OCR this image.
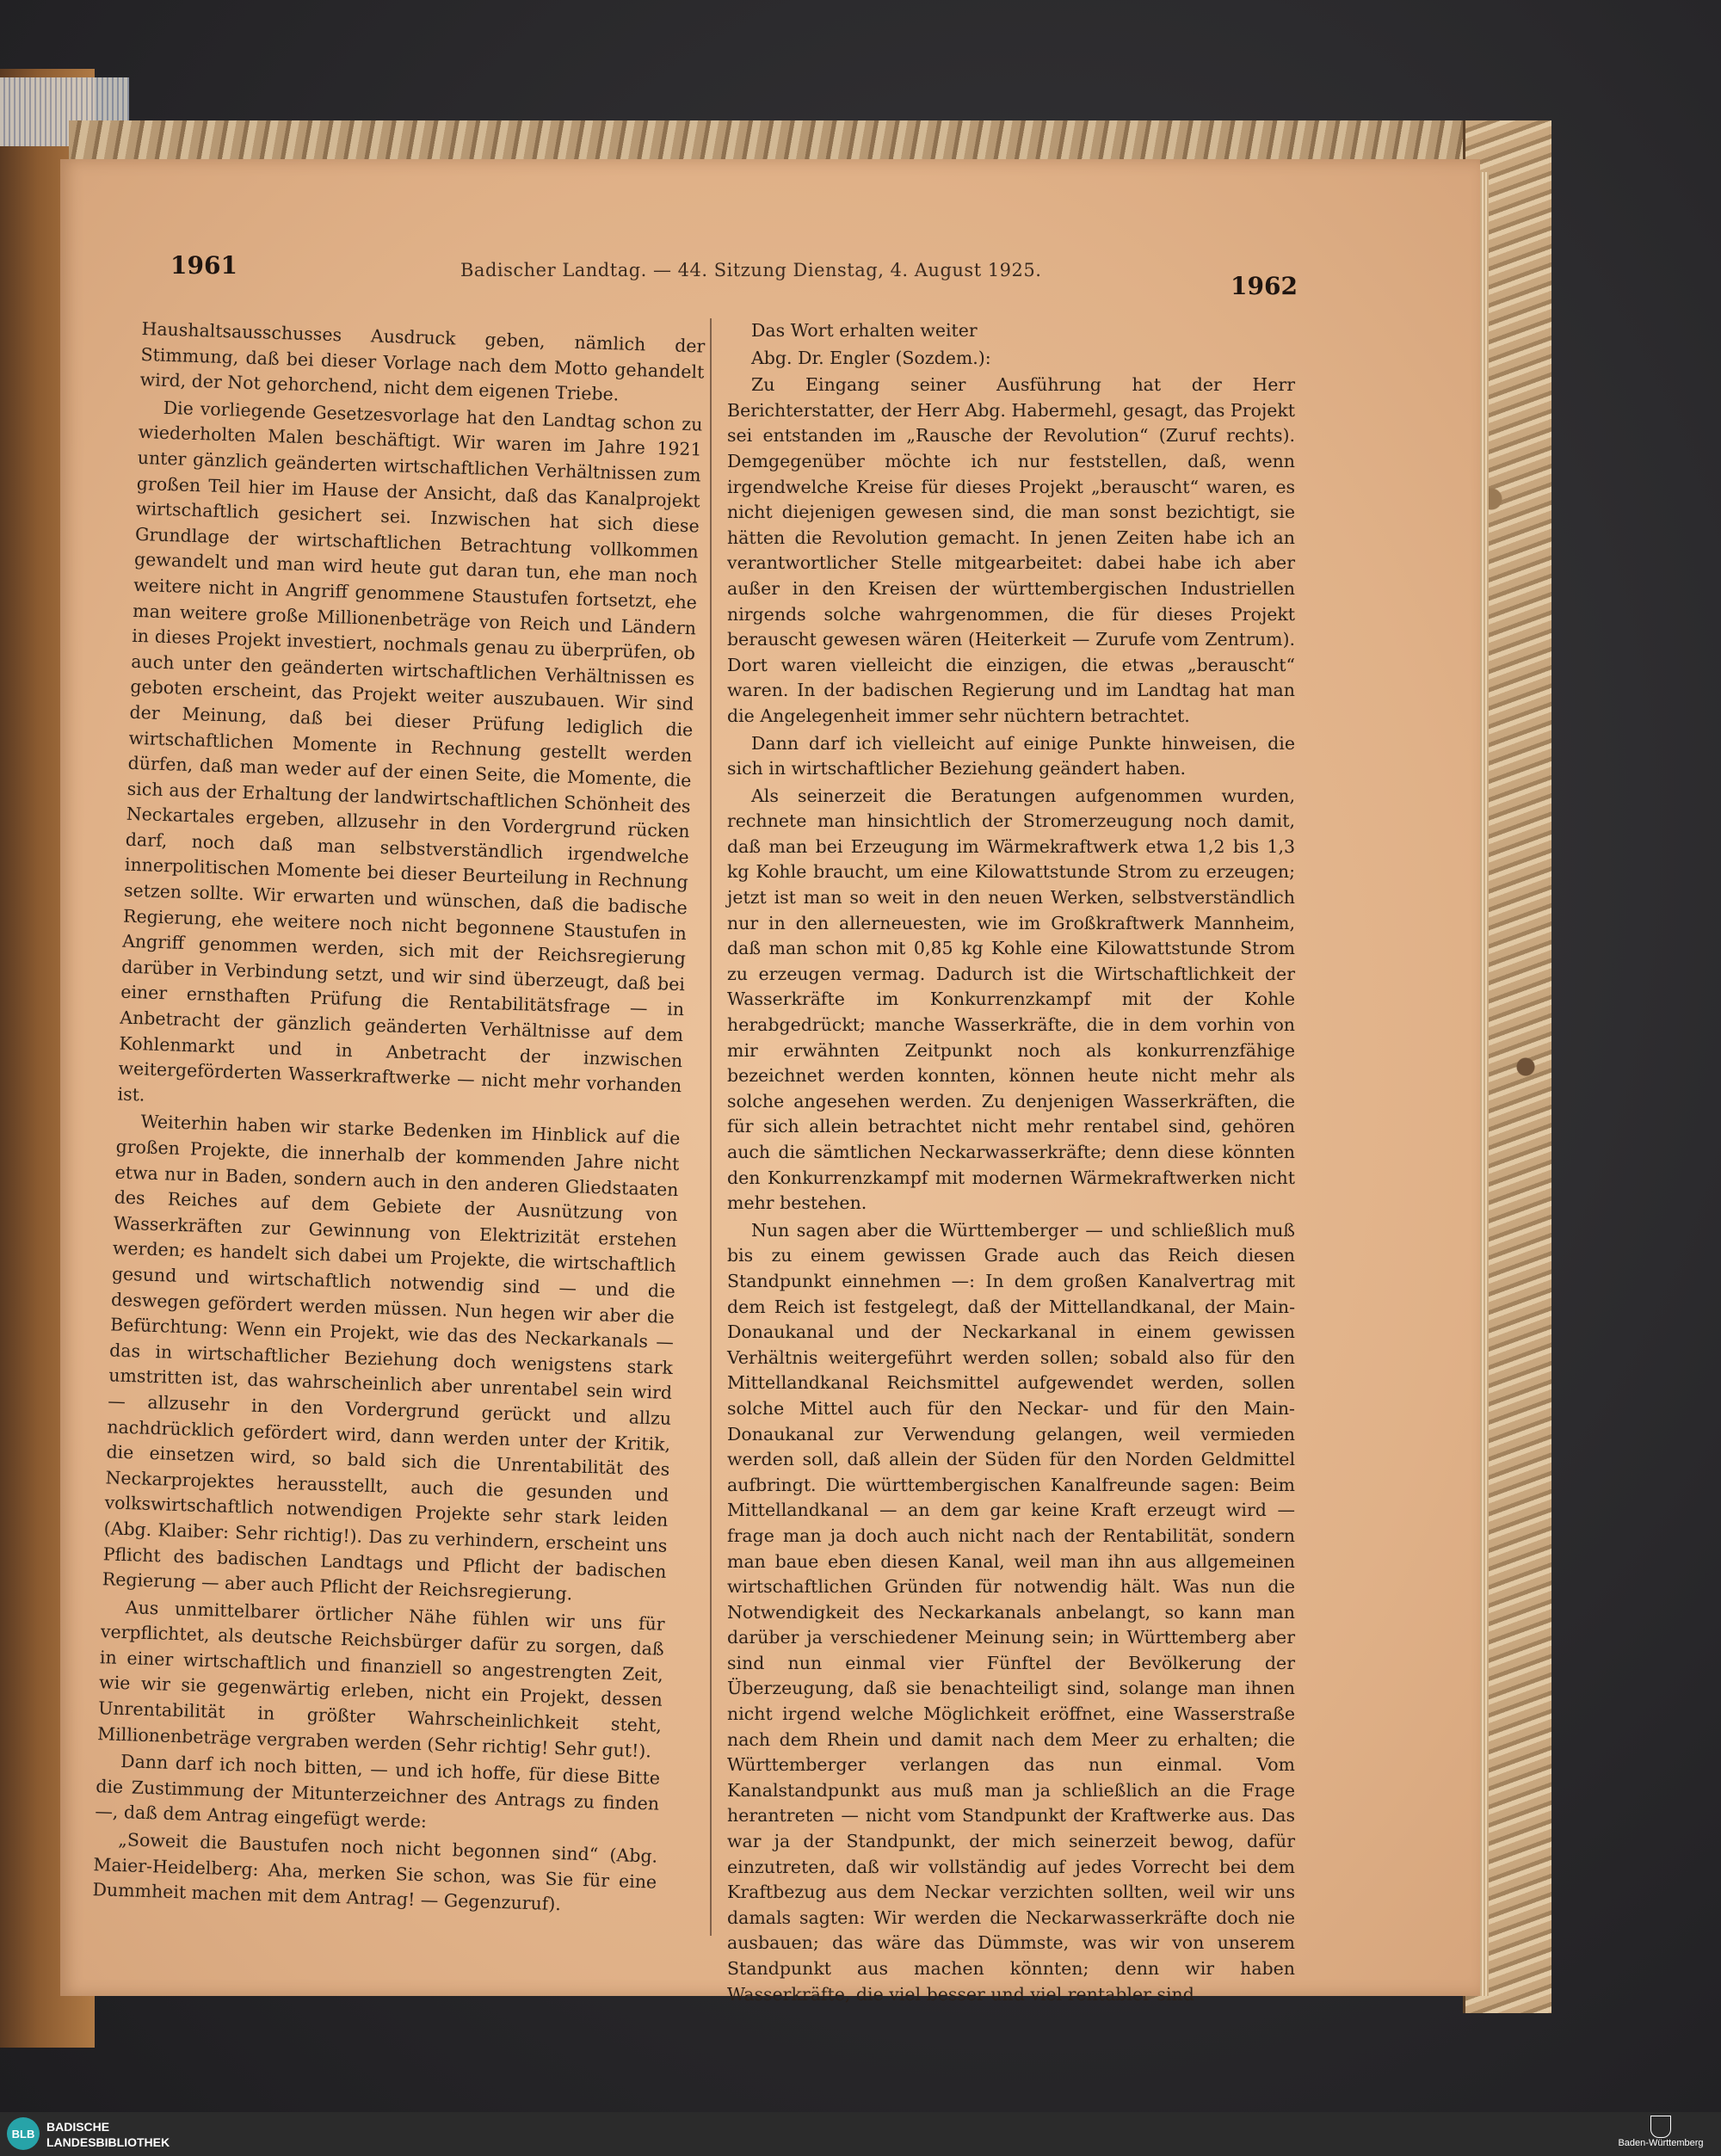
1961	Badischer Landtag. — 44. Sitzung Dienstag, 4. August 1925.
1962

Haushaltsausschusses Ausdruck geben, nämlich der Stimmung, daß bei dieser Vorlage nach dem Motto gehandelt wird, der Not gehorchend, nicht dem eigenen Triebe.

Die vorliegende Gesetzesvorlage hat den Landtag schon zu wiederholten Malen beschäftigt. Wir waren im Jahre 1921 unter gänzlich geänderten wirtschaftlichen Verhältnissen zum großen Teil hier im Hause der Ansicht, daß das Kanalprojekt wirtschaftlich gesichert sei. Inzwischen hat sich diese Grundlage der wirtschaftlichen Betrachtung vollkommen gewandelt und man wird heute gut daran tun, ehe man noch weitere nicht in Angriff genommene Staustufen fortsetzt, ehe man weitere große Millionenbeträge von Reich und Ländern in dieses Projekt investiert, nochmals genau zu überprüfen, ob auch unter den geänderten wirtschaftlichen Verhältnissen es geboten erscheint, das Projekt weiter auszubauen. Wir sind der Meinung, daß bei dieser Prüfung lediglich die wirtschaftlichen Momente in Rechnung gestellt werden dürfen, daß man weder auf der einen Seite, die Momente, die sich aus der Erhaltung der landwirtschaftlichen Schönheit des Neckartales ergeben, allzusehr in den Vordergrund rücken darf, noch daß man selbstverständlich irgendwelche innerpolitischen Momente bei dieser Beurteilung in Rechnung setzen sollte. Wir erwarten und wünschen, daß die badische Regierung, ehe weitere noch nicht begonnene Staustufen in Angriff genommen werden, sich mit der Reichsregierung darüber in Verbindung setzt, und wir sind überzeugt, daß bei einer ernsthaften Prüfung die Rentabilitätsfrage — in Anbetracht der gänzlich geänderten Verhältnisse auf dem Kohlenmarkt und in Anbetracht der inzwischen weitergeförderten Wasserkraftwerke — nicht mehr vorhanden ist.

Weiterhin haben wir starke Bedenken im Hinblick auf die großen Projekte, die innerhalb der kommenden Jahre nicht etwa nur in Baden, sondern auch in den anderen Gliedstaaten des Reiches auf dem Gebiete der Ausnützung von Wasserkräften zur Gewinnung von Elektrizität erstehen werden; es handelt sich dabei um Projekte, die wirtschaftlich gesund und wirtschaftlich notwendig sind — und die deswegen gefördert werden müssen. Nun hegen wir aber die Befürchtung: Wenn ein Projekt, wie das des Neckarkanals — das in wirtschaftlicher Beziehung doch wenigstens stark umstritten ist, das wahrscheinlich aber unrentabel sein wird — allzusehr in den Vordergrund gerückt und allzu nachdrücklich gefördert wird, dann werden unter der Kritik, die einsetzen wird, so bald sich die Unrentabilität des Neckarprojektes herausstellt, auch die gesunden und volkswirtschaftlich notwendigen Projekte sehr stark leiden (Abg. Klaiber: Sehr richtig!). Das zu verhindern, erscheint uns Pflicht des badischen Landtags und Pflicht der badischen Regierung — aber auch Pflicht der Reichsregierung.

Aus unmittelbarer örtlicher Nähe fühlen wir uns für verpflichtet, als deutsche Reichsbürger dafür zu sorgen, daß in einer wirtschaftlich und finanziell so angestrengten Zeit, wie wir sie gegenwärtig erleben, nicht ein Projekt, dessen Unrentabilität in größter Wahrscheinlichkeit steht, Millionenbeträge vergraben werden (Sehr richtig! Sehr gut!).

Dann darf ich noch bitten, — und ich hoffe, für diese Bitte die Zustimmung der Mitunterzeichner des Antrags zu finden —, daß dem Antrag eingefügt werde:

„Soweit die Baustufen noch nicht begonnen sind“ (Abg. Maier-Heidelberg: Aha, merken Sie schon, was Sie für eine Dummheit machen mit dem Antrag! — Gegenzuruf).

Das Wort erhalten weiter

Abg. Dr. Engler (Sozdem.):

Zu Eingang seiner Ausführung hat der Herr Berichterstatter, der Herr Abg. Habermehl, gesagt, das Projekt sei entstanden im „Rausche der Revolution“ (Zuruf rechts). Demgegenüber möchte ich nur feststellen, daß, wenn irgendwelche Kreise für dieses Projekt „berauscht“ waren, es nicht diejenigen gewesen sind, die man sonst bezichtigt, sie hätten die Revolution gemacht. In jenen Zeiten habe ich an verantwortlicher Stelle mitgearbeitet: dabei habe ich aber außer in den Kreisen der württembergischen Industriellen nirgends solche wahrgenommen, die für dieses Projekt berauscht gewesen wären (Heiterkeit — Zurufe vom Zentrum). Dort waren vielleicht die einzigen, die etwas „berauscht“ waren. In der badischen Regierung und im Landtag hat man die Angelegenheit immer sehr nüchtern betrachtet.

Dann darf ich vielleicht auf einige Punkte hinweisen, die sich in wirtschaftlicher Beziehung geändert haben.

Als seinerzeit die Beratungen aufgenommen wurden, rechnete man hinsichtlich der Stromerzeugung noch damit, daß man bei Erzeugung im Wärmekraftwerk etwa 1,2 bis 1,3 kg Kohle braucht, um eine Kilowattstunde Strom zu erzeugen; jetzt ist man so weit in den neuen Werken, selbstverständlich nur in den allerneuesten, wie im Großkraftwerk Mannheim, daß man schon mit 0,85 kg Kohle eine Kilowattstunde Strom zu erzeugen vermag. Dadurch ist die Wirtschaftlichkeit der Wasserkräfte im Konkurrenzkampf mit der Kohle herabgedrückt; manche Wasserkräfte, die in dem vorhin von mir erwähnten Zeitpunkt noch als konkurrenzfähige bezeichnet werden konnten, können heute nicht mehr als solche angesehen werden. Zu denjenigen Wasserkräften, die für sich allein betrachtet nicht mehr rentabel sind, gehören auch die sämtlichen Neckarwasserkräfte; denn diese könnten den Konkurrenzkampf mit modernen Wärmekraftwerken nicht mehr bestehen.

Nun sagen aber die Württemberger — und schließlich muß bis zu einem gewissen Grade auch das Reich diesen Standpunkt einnehmen —: In dem großen Kanalvertrag mit dem Reich ist festgelegt, daß der Mittellandkanal, der Main-Donaukanal und der Neckarkanal in einem gewissen Verhältnis weitergeführt werden sollen; sobald also für den Mittellandkanal Reichsmittel aufgewendet werden, sollen solche Mittel auch für den Neckar- und für den Main-Donaukanal zur Verwendung gelangen, weil vermieden werden soll, daß allein der Süden für den Norden Geldmittel aufbringt. Die württembergischen Kanalfreunde sagen: Beim Mittellandkanal — an dem gar keine Kraft erzeugt wird — frage man ja doch auch nicht nach der Rentabilität, sondern man baue eben diesen Kanal, weil man ihn aus allgemeinen wirtschaftlichen Gründen für notwendig hält. Was nun die Notwendigkeit des Neckarkanals anbelangt, so kann man darüber ja verschiedener Meinung sein; in Württemberg aber sind nun einmal vier Fünftel der Bevölkerung der Überzeugung, daß sie benachteiligt sind, solange man ihnen nicht irgend welche Möglichkeit eröffnet, eine Wasserstraße nach dem Rhein und damit nach dem Meer zu erhalten; die Württemberger verlangen das nun einmal. Vom Kanalstandpunkt aus muß man ja schließlich an die Frage herantreten — nicht vom Standpunkt der Kraftwerke aus. Das war ja der Standpunkt, der mich seinerzeit bewog, dafür einzutreten, daß wir vollständig auf jedes Vorrecht bei dem Kraftbezug aus dem Neckar verzichten sollten, weil wir uns damals sagten: Wir werden die Neckarwasserkräfte doch nie ausbauen; das wäre das Dümmste, was wir von unserem Standpunkt aus machen könnten; denn wir haben Wasserkräfte, die viel besser und viel rentabler sind

BLB BADISCHE
LANDESBIBLIOTHEK	Baden-Württemberg
